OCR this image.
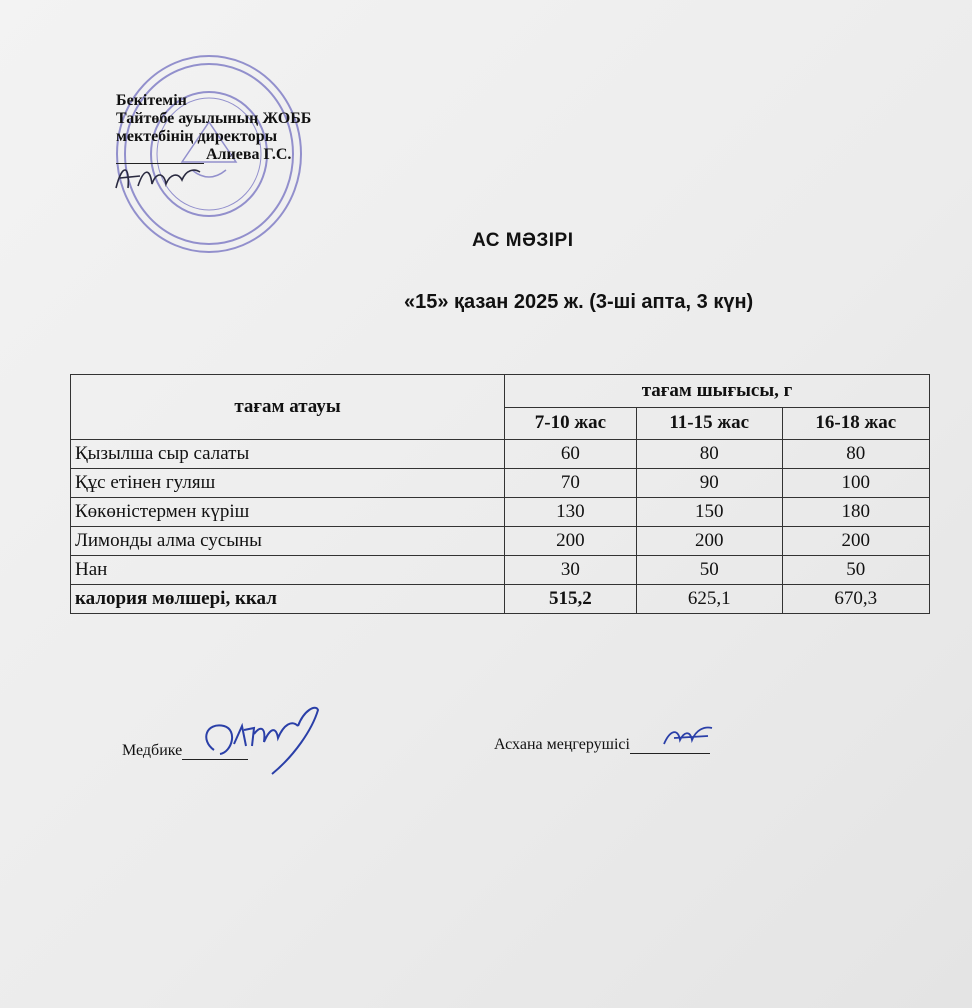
Бекітемін
Тайтөбе ауылының ЖОББ
мектебінің директоры
Алиева Г.С.
АС МӘЗІРІ
«15» қазан 2025 ж. (3-ші апта, 3 күн)
тағам атауы	тағам шығысы, г		
	7-10 жас	11-15 жас	16-18 жас
Қызылша сыр салаты	60	80	80
Құс етінен гуляш	70	90	100
Көкөністермен күріш	130	150	180
Лимонды алма сусыны	200	200	200
Нан	30	50	50
калория мөлшері, ккал	515,2	625,1	670,3
Медбике	Асхана меңгерушісі
